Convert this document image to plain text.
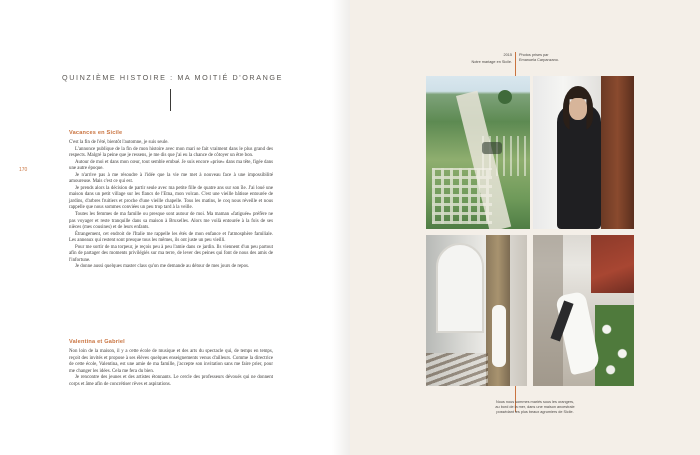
QUINZIÈME HISTOIRE : MA MOITIÉ D'ORANGE
170
Vacances en Sicile

C'est la fin de l'été, bientôt l'automne, je suis seule.

L'annonce publique de la fin de mon histoire avec mon mari se fait vraiment dans le plus grand des respects. Malgré la peine que je ressens, je me dis que j'ai eu la chance de côtoyer un être bon.

Autour de moi et dans mon cœur, tout semble embué. Je suis encore «prise» dans ma tête, figée dans une autre époque.

Je n'arrive pas à me résoudre à l'idée que la vie me met à nouveau face à une impossibilité amoureuse. Mais c'est ce qui est.

Je prends alors la décision de partir seule avec ma petite fille de quatre ans sur son île. J'ai loué une maison dans un petit village sur les flancs de l'Etna, mon volcan. C'est une vieille bâtisse entourée de jardins, d'arbres fruitiers et proche d'une vieille chapelle. Tous les matins, le coq nous réveille et nous rappelle que nous sommes conviées un peu trop tard à la veille.

Toutes les femmes de ma famille ou presque sont autour de moi. Ma maman «fatiguée» préfère ne pas voyager et reste tranquille dans sa maison à Bruxelles. Alors me voilà entourée à la fois de ses nièces (mes cousines) et de leurs enfants.

Étrangement, cet endroit de l'Italie me rappelle les étés de mon enfance et l'atmosphère familiale. Les anneaux qui restent sont presque tous les mêmes, ils ont juste un peu vieilli.

Pour me sortir de ma torpeur, je reçois peu à peu l'amie dans ce jardin. Ils viennent d'un peu partout afin de partager des moments privilégiés sur ma terre, de lever des peines qui font de nous des amis de l'infortune.

Je donne aussi quelques master class qu'on me demande au détour de mes jours de repos.

Valentina et Gabriel

Non loin de la maison, il y a cette école de musique et des arts du spectacle qui, de temps en temps, reçoit des invités et propose à ses élèves quelques enseignements venus d'ailleurs. Comme la directrice de cette école, Valentina, est une amie de ma famille, j'accepte son invitation sans me faire prier, pour me changer les idées. Cela me fera du bien.

Je rencontre des jeunes et des artistes étonnants. Le cercle des professeurs dévoués qui ne donnent corps et âme afin de concrétiser rêves et aspirations.

2015
Notre mariage en Sicile.
Photos prises par
Emanuela Carpanzano.
Nous nous sommes mariés sous les orangers,
au bord de la mer, dans une maison ancestrale
possédant les plus beaux agrumiers de Sicile.
